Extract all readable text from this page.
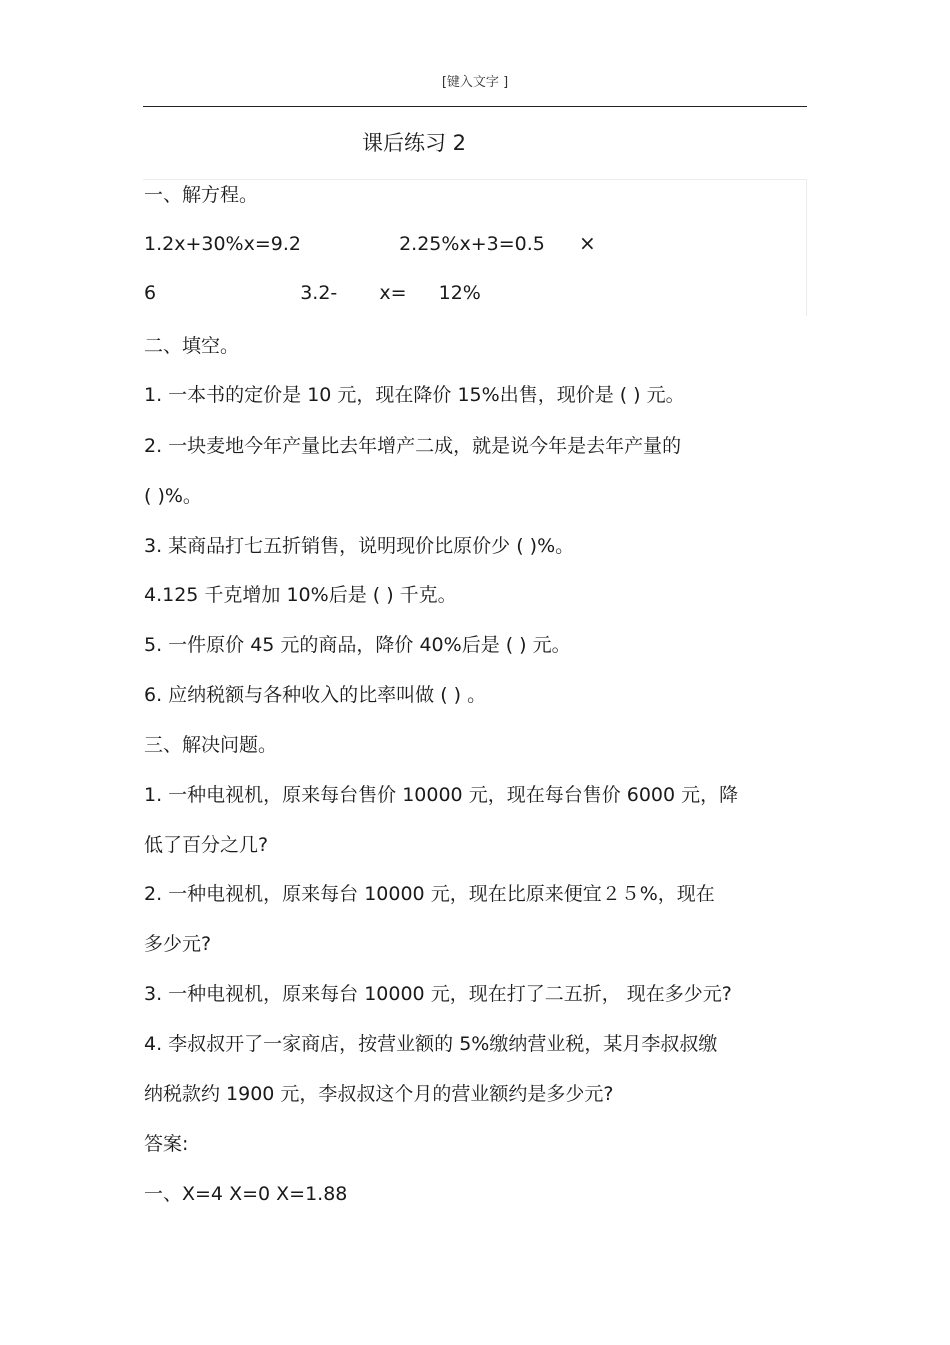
[键入文字 ]
课后练习 2
一、解方程。
1.2x+30%x=9.2	2.25%x+3=0.5 ×
6	3.2- x= 12%
二、填空。
1. 一本书的定价是 10 元，现在降价 15%出售，现价是 ( ) 元。
2. 一块麦地今年产量比去年增产二成，就是说今年是去年产量的
( )%。
3. 某商品打七五折销售，说明现价比原价少 ( )%。
4.125 千克增加 10%后是 ( ) 千克。
5. 一件原价 45 元的商品，降价 40%后是 ( ) 元。
6. 应纳税额与各种收入的比率叫做 ( ) 。
三、解决问题。
1. 一种电视机，原来每台售价 10000 元，现在每台售价 6000 元，降
低了百分之几?
2. 一种电视机，原来每台 10000 元，现在比原来便宜２５%，现在
多少元?
3. 一种电视机，原来每台 10000 元，现在打了二五折， 现在多少元?
4. 李叔叔开了一家商店，按营业额的 5%缴纳营业税，某月李叔叔缴
纳税款约 1900 元，李叔叔这个月的营业额约是多少元?
答案:
一、X=4 X=0 X=1.88
